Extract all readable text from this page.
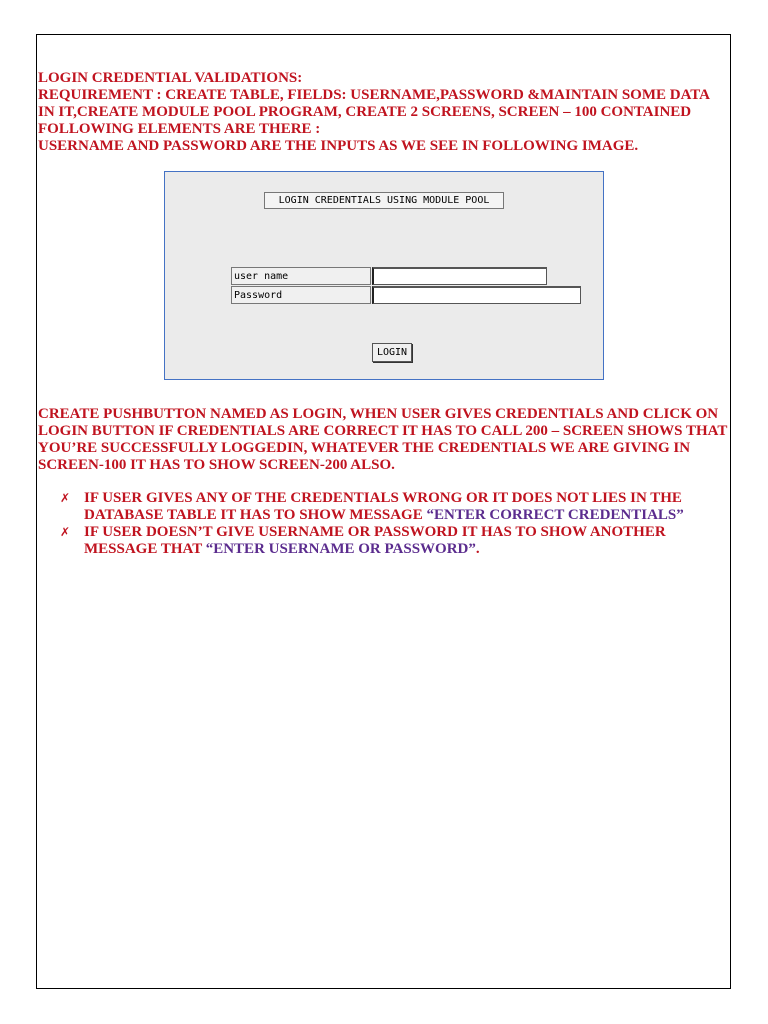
LOGIN CREDENTIAL VALIDATIONS:

REQUIREMENT : CREATE TABLE, FIELDS: USERNAME,PASSWORD &MAINTAIN SOME DATA IN IT,CREATE MODULE POOL PROGRAM, CREATE 2 SCREENS, SCREEN – 100 CONTAINED FOLLOWING ELEMENTS ARE THERE :

USERNAME AND PASSWORD ARE THE INPUTS AS WE SEE IN FOLLOWING IMAGE.

LOGIN CREDENTIALS USING MODULE POOL
user name
Password
LOGIN
CREATE PUSHBUTTON NAMED AS LOGIN, WHEN USER GIVES CREDENTIALS AND CLICK ON LOGIN BUTTON IF CREDENTIALS ARE CORRECT IT HAS TO CALL 200 – SCREEN SHOWS THAT YOU’RE SUCCESSFULLY LOGGEDIN, WHATEVER THE CREDENTIALS WE ARE GIVING IN SCREEN-100 IT HAS TO SHOW SCREEN-200 ALSO.
✗ IF USER GIVES ANY OF THE CREDENTIALS WRONG OR IT DOES NOT LIES IN THE DATABASE TABLE IT HAS TO SHOW MESSAGE “ENTER CORRECT CREDENTIALS”
✗ IF USER DOESN’T GIVE USERNAME OR PASSWORD IT HAS TO SHOW ANOTHER MESSAGE THAT “ENTER USERNAME OR PASSWORD”.
